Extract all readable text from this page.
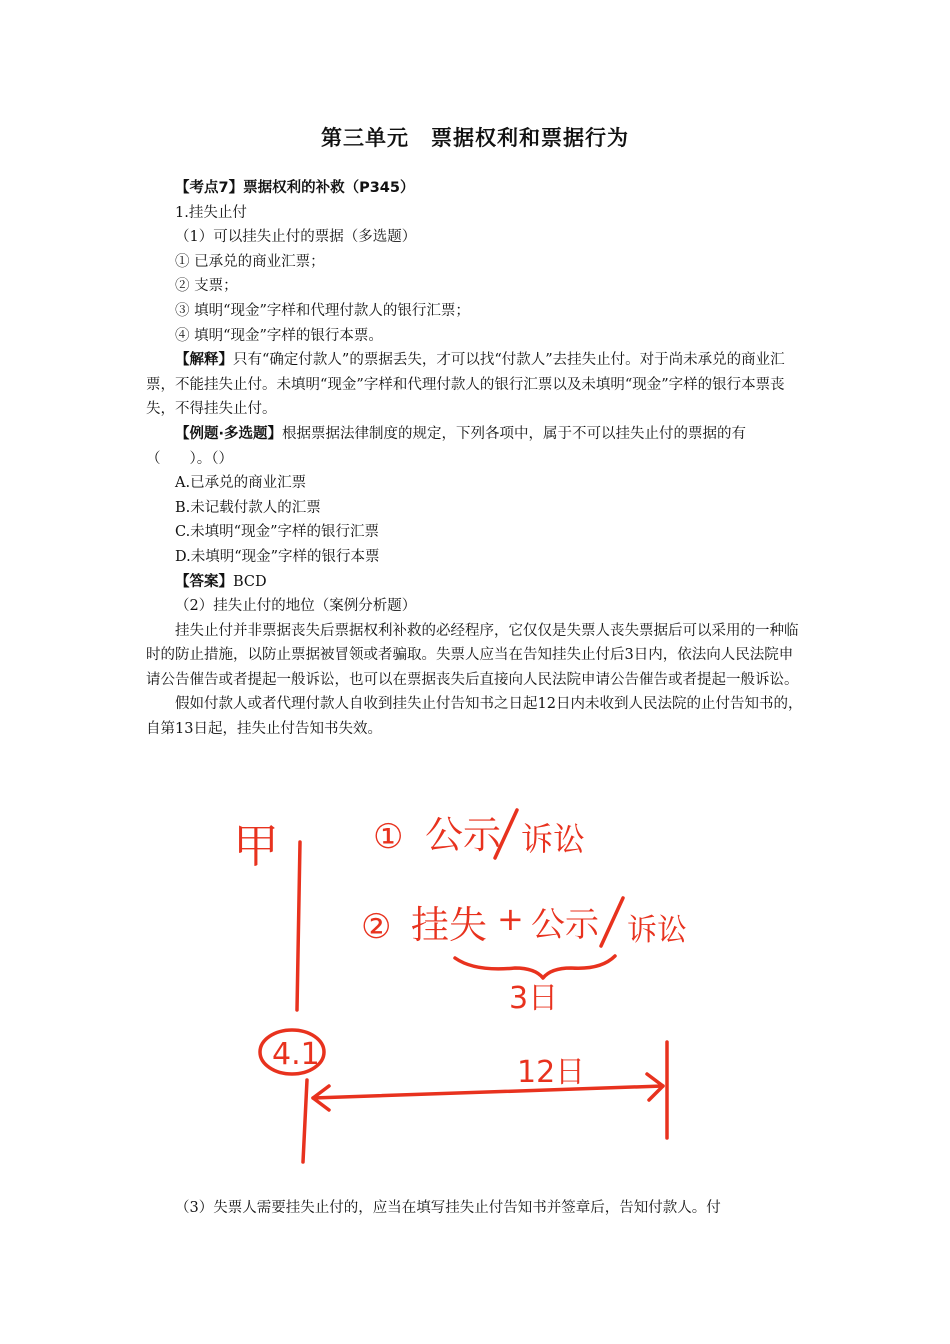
第三单元　票据权利和票据行为

【考点7】票据权利的补救（P345）

1.挂失止付

（1）可以挂失止付的票据（多选题）

① 已承兑的商业汇票；

② 支票；

③ 填明“现金”字样和代理付款人的银行汇票；

④ 填明“现金”字样的银行本票。

【解释】只有“确定付款人”的票据丢失，才可以找“付款人”去挂失止付。对于尚未承兑的商业汇票，不能挂失止付。未填明“现金”字样和代理付款人的银行汇票以及未填明“现金”字样的银行本票丧失，不得挂失止付。

【例题·多选题】根据票据法律制度的规定，下列各项中，属于不可以挂失止付的票据的有（　　）。（）

A.已承兑的商业汇票

B.未记载付款人的汇票

C.未填明“现金”字样的银行汇票

D.未填明“现金”字样的银行本票

【答案】BCD

（2）挂失止付的地位（案例分析题）

挂失止付并非票据丧失后票据权利补救的必经程序，它仅仅是失票人丧失票据后可以采用的一种临时的防止措施，以防止票据被冒领或者骗取。失票人应当在告知挂失止付后3日内，依法向人民法院申请公告催告或者提起一般诉讼，也可以在票据丧失后直接向人民法院申请公告催告或者提起一般诉讼。

假如付款人或者代理付款人自收到挂失止付告知书之日起12日内未收到人民法院的止付告知书的，自第13日起，挂失止付告知书失效。

甲	① 公示 诉讼
② 挂失 + 公示 诉讼
3日
4.1
12日

（3）失票人需要挂失止付的，应当在填写挂失止付告知书并签章后，告知付款人。付
